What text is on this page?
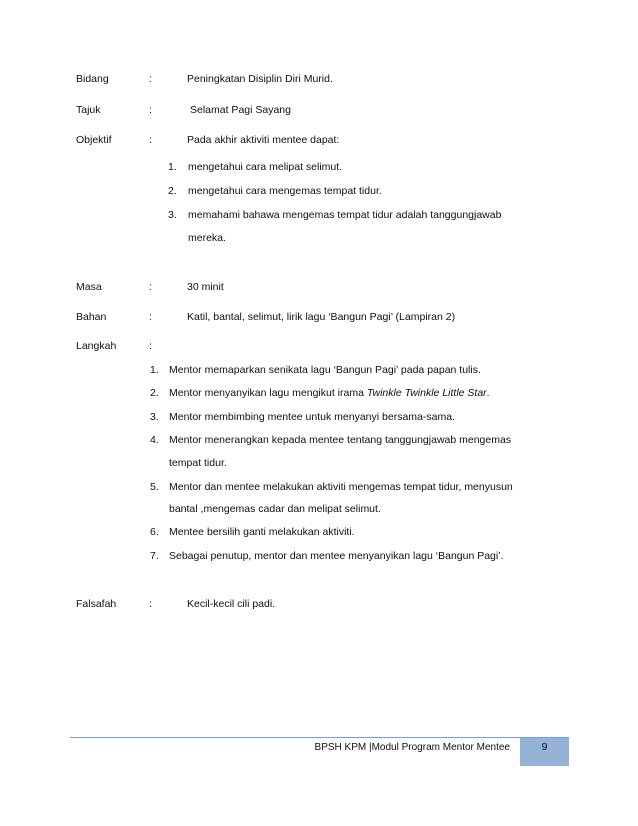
Bidang	:	Peningkatan Disiplin Diri Murid.
Tajuk	:	Selamat Pagi Sayang
Objektif	:	Pada akhir aktiviti mentee dapat:
1.	mengetahui cara melipat selimut.
2.	mengetahui cara mengemas tempat tidur.
3.	memahami bahawa mengemas tempat tidur adalah tanggungjawab
mereka.
Masa	:	30 minit
Bahan	:	Katil, bantal, selimut, lirik lagu ‘Bangun Pagi’ (Lampiran 2)
Langkah	:
1. Mentor memaparkan senikata lagu ‘Bangun Pagi’ pada papan tulis.
2. Mentor menyanyikan lagu mengikut irama Twinkle Twinkle Little Star.
3. Mentor membimbing mentee untuk menyanyi bersama-sama.
4. Mentor menerangkan kepada mentee tentang tanggungjawab mengemas
tempat tidur.
5. Mentor dan mentee melakukan aktiviti mengemas tempat tidur, menyusun
bantal ,mengemas cadar dan melipat selimut.
6. Mentee bersilih ganti melakukan aktiviti.
7. Sebagai penutup, mentor dan mentee menyanyikan lagu ‘Bangun Pagi’.
Falsafah	:	Kecil-kecil cili padi.
BPSH KPM |Modul Program Mentor Mentee	9
